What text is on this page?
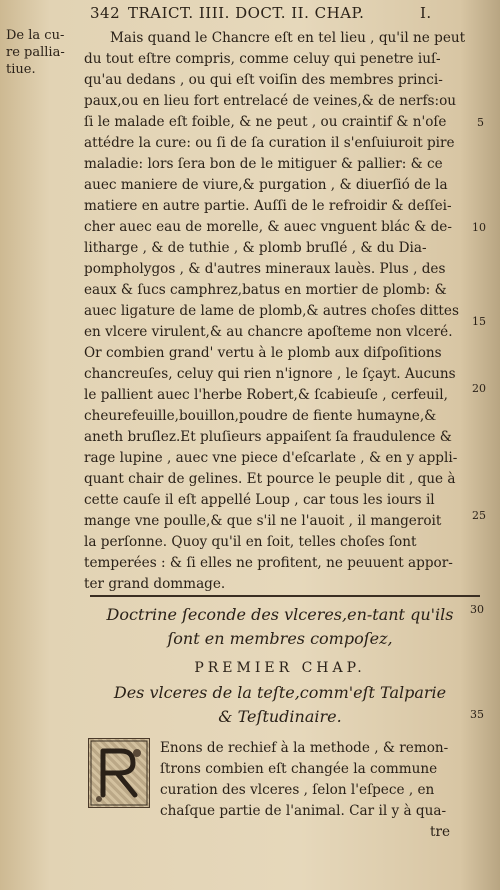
342 TRAICT. IIII. DOCT. II. CHAP.	I.
De la cu-
re pallia-
tiue.
5
10
15
20
25
30
35
Mais quand le Chancre eſt en tel lieu , qu'il ne peut
du tout eſtre compris, comme celuy qui penetre iuſ-
qu'au dedans , ou qui eſt voiſin des membres princi-
paux,ou en lieu fort entrelacé de veines,& de nerfs:ou
ſi le malade eſt foible, & ne peut , ou craintif & n'oſe
attédre la cure: ou ſi de ſa curation il s'enſuiuroit pire
maladie: lors ſera bon de le mitiguer & pallier: & ce
auec maniere de viure,& purgation , & diuerſió de la
matiere en autre partie. Auſſi de le refroidir & deſſei-
cher auec eau de morelle, & auec vnguent blác & de-
litharge , & de tuthie , & plomb bruſlé , & du Dia-
pompholygos , & d'autres mineraux lauès. Plus , des
eaux & ſucs camphrez,batus en mortier de plomb: &
auec ligature de lame de plomb,& autres choſes dittes
en vlcere virulent,& au chancre apoſteme non vlceré.
Or combien grand' vertu à le plomb aux diſpoſitions
chancreuſes, celuy qui rien n'ignore , le ſçayt. Aucuns
le pallient auec l'herbe Robert,& ſcabieuſe , cerfeuil,
cheurefeuille,bouillon,poudre de fiente humayne,&
aneth bruſlez.Et pluſieurs appaiſent ſa fraudulence &
rage lupine , auec vne piece d'eſcarlate , & en y appli-
quant chair de gelines. Et pource le peuple dit , que à
cette cauſe il eſt appellé Loup , car tous les iours il
mange vne poulle,& que s'il ne l'auoit , il mangeroit
la perſonne. Quoy qu'il en ſoit, telles choſes ſont
temperées : & ſi elles ne profitent, ne peuuent appor-
ter grand dommage.
Doctrine ſeconde des vlceres,en-tant qu'ils
ſont en membres compoſez,
PREMIER CHAP.
Des vlceres de la teſte,comm'eſt Talparie
& Teſtudinaire.
Enons de rechief à la methode , & remon-
ſtrons combien eſt changée la commune
curation des vlceres , ſelon l'eſpece , en
chaſque partie de l'animal. Car il y à qua-
tre
